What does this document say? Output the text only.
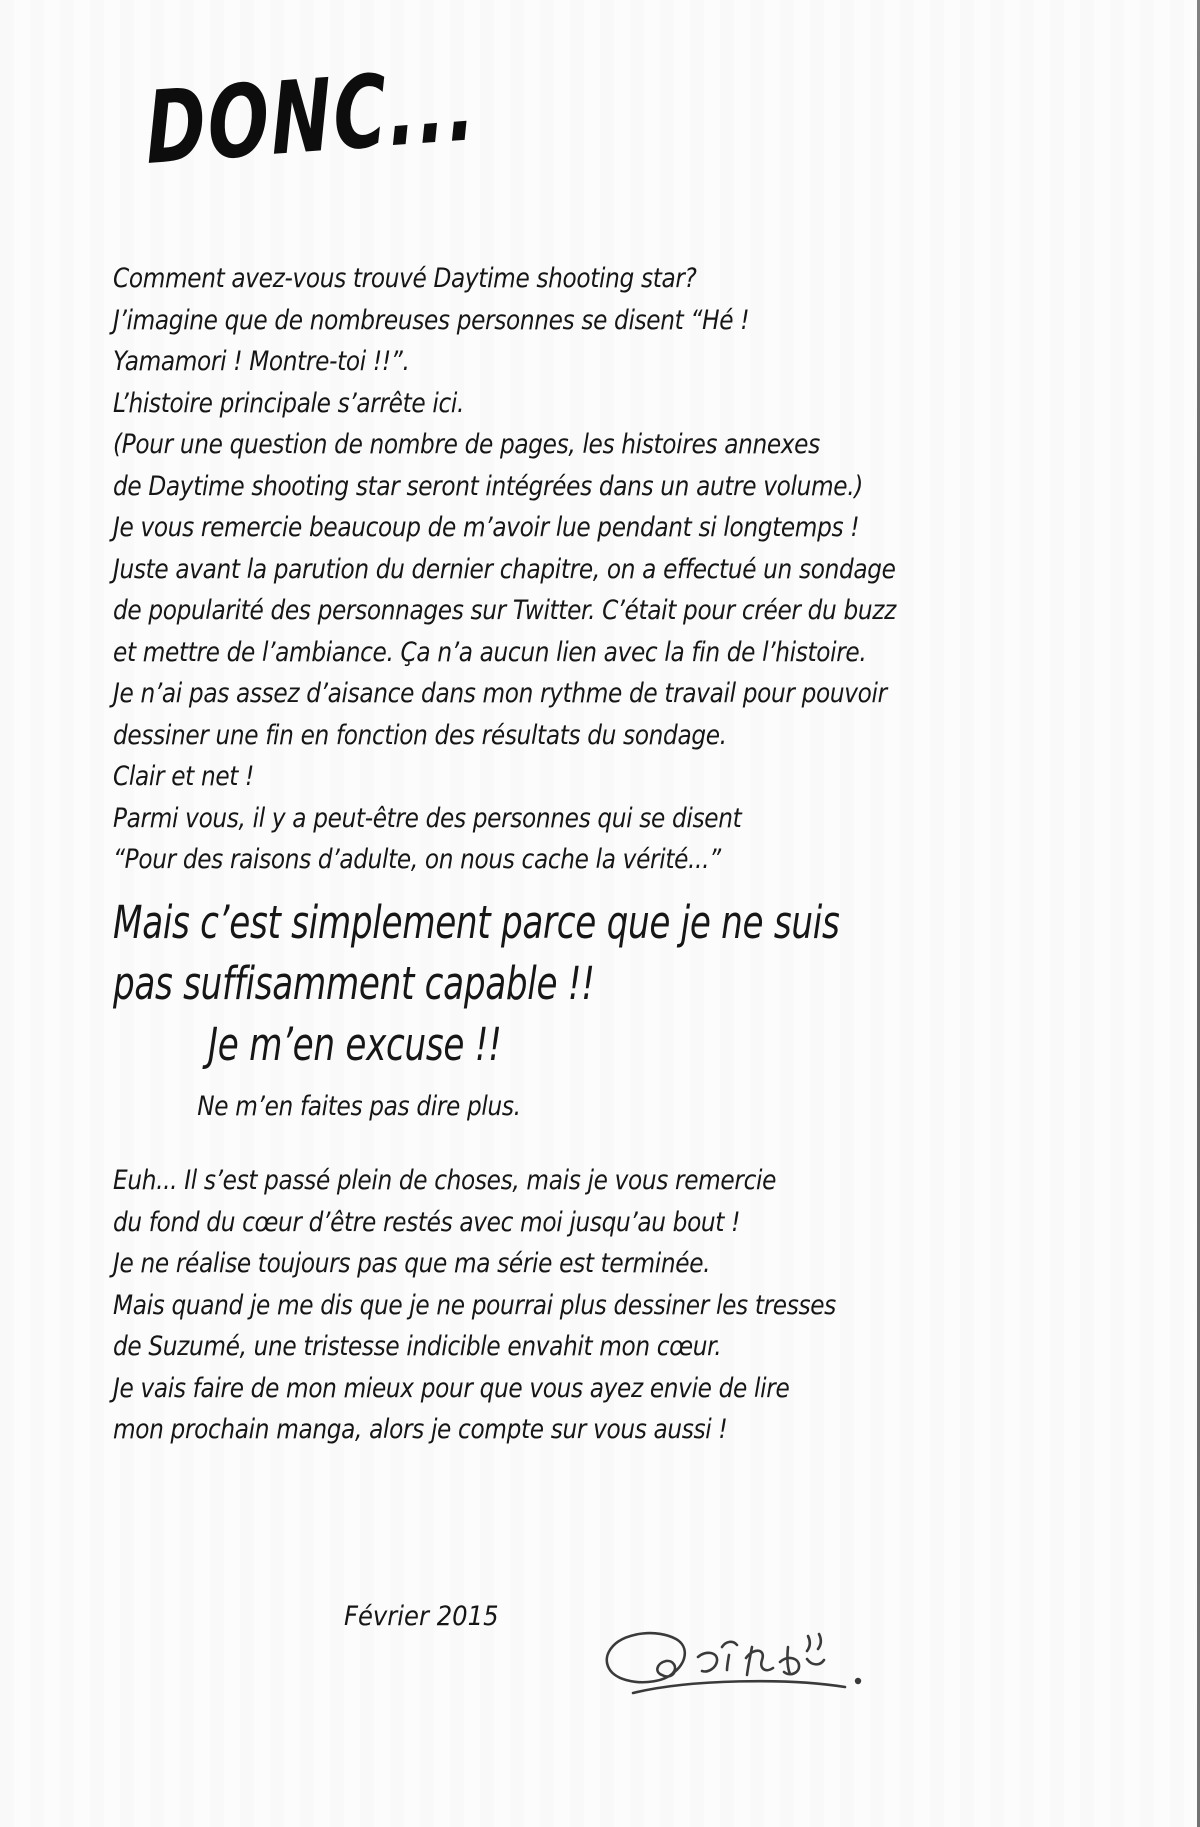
DONC...
Comment avez-vous trouvé Daytime shooting star?
J’imagine que de nombreuses personnes se disent “Hé !
Yamamori ! Montre-toi !!”.
L’histoire principale s’arrête ici.
(Pour une question de nombre de pages, les histoires annexes
de Daytime shooting star seront intégrées dans un autre volume.)
Je vous remercie beaucoup de m’avoir lue pendant si longtemps !
Juste avant la parution du dernier chapitre, on a effectué un sondage
de popularité des personnages sur Twitter. C’était pour créer du buzz
et mettre de l’ambiance. Ça n’a aucun lien avec la fin de l’histoire.
Je n’ai pas assez d’aisance dans mon rythme de travail pour pouvoir
dessiner une fin en fonction des résultats du sondage.
Clair et net !
Parmi vous, il y a peut-être des personnes qui se disent
“Pour des raisons d’adulte, on nous cache la vérité...”
Mais c’est simplement parce que je ne suis
pas suffisamment capable !!
Je m’en excuse !!
Ne m’en faites pas dire plus.
Euh... Il s’est passé plein de choses, mais je vous remercie
du fond du cœur d’être restés avec moi jusqu’au bout !
Je ne réalise toujours pas que ma série est terminée.
Mais quand je me dis que je ne pourrai plus dessiner les tresses
de Suzumé, une tristesse indicible envahit mon cœur.
Je vais faire de mon mieux pour que vous ayez envie de lire
mon prochain manga, alors je compte sur vous aussi !
Février 2015
